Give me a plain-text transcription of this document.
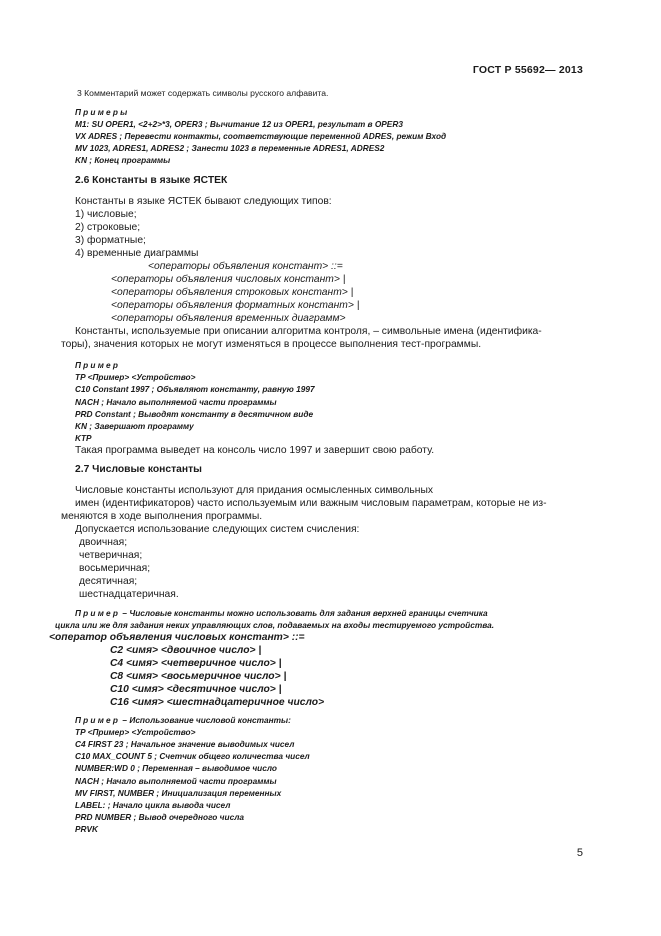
ГОСТ Р 55692— 2013
3 Комментарий может содержать символы русского алфавита.
Примеры
M1: SU OPER1, <2+2>*3, OPER3 ; Вычитание 12 из OPER1, результат в OPER3
VX ADRES ; Перевести контакты, соответствующие переменной ADRES, режим Вход
MV 1023, ADRES1, ADRES2 ; Занести 1023 в переменные ADRES1, ADRES2
KN ; Конец программы
2.6 Константы в языке ЯСТЕК
Константы в языке ЯСТЕК бывают следующих типов:
1) числовые;
2) строковые;
3) форматные;
4) временные диаграммы
<операторы объявления констант> ::=
<операторы объявления числовых констант> |
<операторы объявления строковых констант> |
<операторы объявления форматных констант> |
<операторы объявления временных диаграмм>
Константы, используемые при описании алгоритма контроля, – символьные имена (идентифика-
торы), значения которых не могут изменяться в процессе выполнения тест-программы.
Пример
TP <Пример> <Устройство>
C10 Constant 1997 ; Объявляют константу, равную 1997
NACH ; Начало выполняемой части программы
PRD Constant ; Выводят константу в десятичном виде
KN ; Завершают программу
KTP
Такая программа выведет на консоль число 1997 и завершит свою работу.
2.7 Числовые константы
Числовые константы используют для придания осмысленных символьных
имен (идентификаторов) часто используемым или важным числовым параметрам, которые не из-
меняются в ходе выполнения программы.
Допускается использование следующих систем счисления:
двоичная;
четверичная;
восьмеричная;
десятичная;
шестнадцатеричная.
Пример – Числовые константы можно использовать для задания верхней границы счетчика
цикла или же для задания неких управляющих слов, подаваемых на входы тестируемого устройства.
<оператор объявления числовых констант> ::=
C2 <имя> <двоичное число> |
C4 <имя> <четверичное число> |
C8 <имя> <восьмеричное число> |
C10 <имя> <десятичное число> |
C16 <имя> <шестнадцатеричное число>
Пример – Использование числовой константы:
TP <Пример> <Устройство>
C4 FIRST 23 ; Начальное значение выводимых чисел
C10 MAX_COUNT 5 ; Счетчик общего количества чисел
NUMBER:WD 0 ; Переменная – выводимое число
NACH ; Начало выполняемой части программы
MV FIRST, NUMBER ; Инициализация переменных
LABEL: ; Начало цикла вывода чисел
PRD NUMBER ; Вывод очередного числа
PRVK
5
